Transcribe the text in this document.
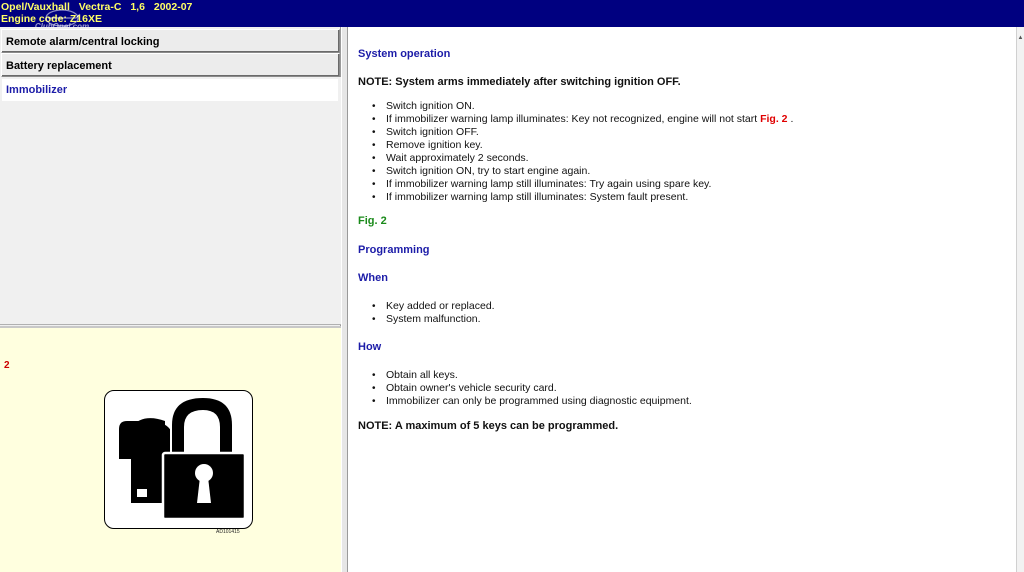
Opel/Vauxhall Vectra-C 1,6 2002-07
Engine code: Z16XE
Remote alarm/central locking
Battery replacement
Immobilizer
2
AD101415
System operation
NOTE: System arms immediately after switching ignition OFF.
• Switch ignition ON.
• If immobilizer warning lamp illuminates: Key not recognized, engine will not start Fig. 2 .
• Switch ignition OFF.
• Remove ignition key.
• Wait approximately 2 seconds.
• Switch ignition ON, try to start engine again.
• If immobilizer warning lamp still illuminates: Try again using spare key.
• If immobilizer warning lamp still illuminates: System fault present.
Fig. 2
Programming
When
• Key added or replaced.
• System malfunction.
How
• Obtain all keys.
• Obtain owner's vehicle security card.
• Immobilizer can only be programmed using diagnostic equipment.
NOTE: A maximum of 5 keys can be programmed.
▲
